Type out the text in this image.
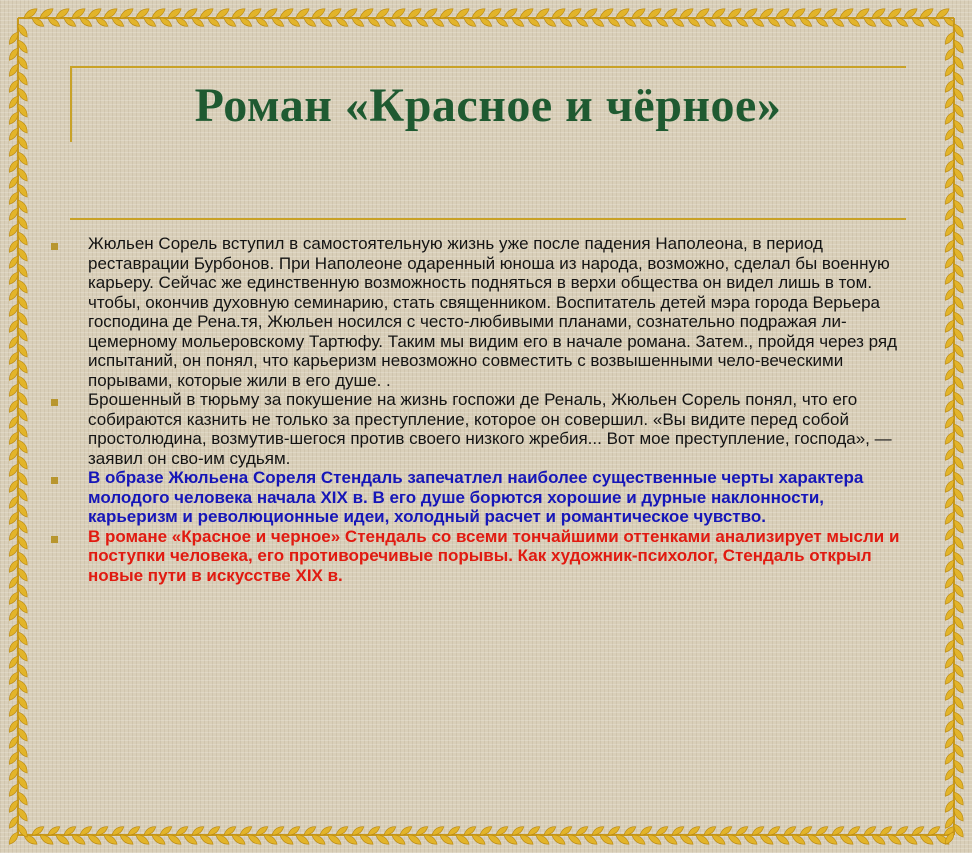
Роман «Красное и чёрное»
Жюльен Сорель вступил в самостоятельную жизнь уже после падения Наполеона, в период реставрации Бурбонов. При Наполеоне одаренный юноша из народа, возможно, сделал бы военную карьеру. Сейчас же единственную возможность подняться в верхи общества он видел лишь в том. чтобы, окончив духовную семинарию, стать священником. Воспитатель детей мэра города Верьера господина де Рена.тя, Жюльен носился с често-любивыми планами, сознательно подражая ли-цемерному мольеровскому Тартюфу. Таким мы видим его в начале романа. Затем., пройдя через ряд испытаний, он понял, что карьеризм невозможно совместить с возвышенными чело-веческими порывами, которые жили в его душе. .
Брошенный в тюрьму за покушение на жизнь госпожи де Реналь, Жюльен Сорель понял, что его собираются казнить не только за преступление, которое он совершил. «Вы видите перед собой простолюдина, возмутив-шегося против своего низкого жребия... Вот мое преступление, господа», — заявил он сво-им судьям.
В образе Жюльена Сореля Стендаль запечатлел наиболее существенные черты характера молодого человека начала XIX в. В его душе борются хорошие и дурные наклонности, карьеризм и революционные идеи, холодный расчет и романтическое чувство.
В романе «Красное и черное» Стендаль со всеми тончайшими оттенками анализирует мысли и поступки человека, его противоречивые порывы. Как художник-психолог, Стендаль открыл новые пути в искусстве XIX в.
